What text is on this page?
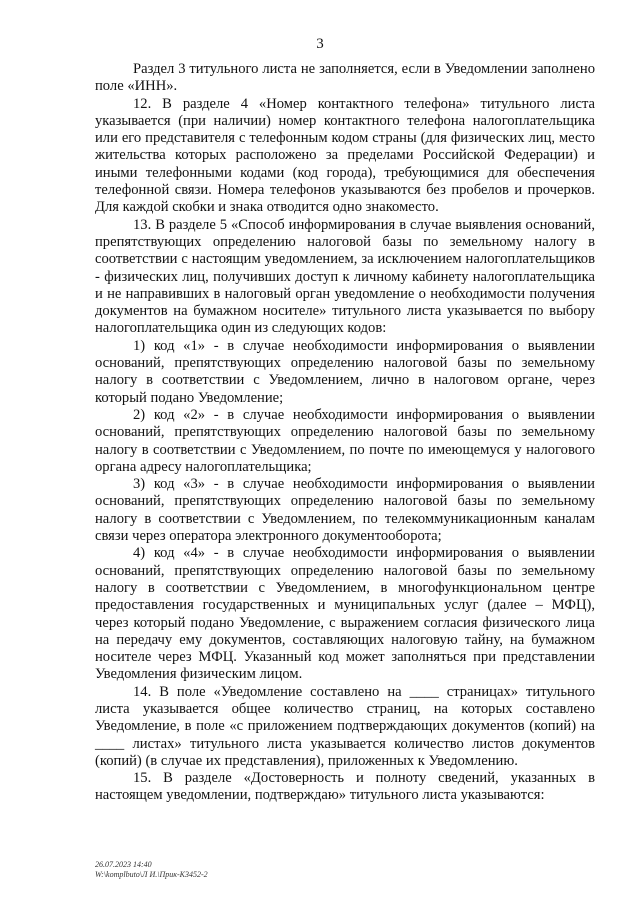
3

Раздел 3 титульного листа не заполняется, если в Уведомлении заполнено поле «ИНН».

12. В разделе 4 «Номер контактного телефона» титульного листа указывается (при наличии) номер контактного телефона налогоплательщика или его представителя с телефонным кодом страны (для физических лиц, место жительства которых расположено за пределами Российской Федерации) и иными телефонными кодами (код города), требующимися для обеспечения телефонной связи. Номера телефонов указываются без пробелов и прочерков. Для каждой скобки и знака отводится одно знакоместо.

13. В разделе 5 «Способ информирования в случае выявления оснований, препятствующих определению налоговой базы по земельному налогу в соответствии с настоящим уведомлением, за исключением налогоплательщиков - физических лиц, получивших доступ к личному кабинету налогоплательщика и не направивших в налоговый орган уведомление о необходимости получения документов на бумажном носителе» титульного листа указывается по выбору налогоплательщика один из следующих кодов:

1) код «1» - в случае необходимости информирования о выявлении оснований, препятствующих определению налоговой базы по земельному налогу в соответствии с Уведомлением, лично в налоговом органе, через который подано Уведомление;

2) код «2» - в случае необходимости информирования о выявлении оснований, препятствующих определению налоговой базы по земельному налогу в соответствии с Уведомлением, по почте по имеющемуся у налогового органа адресу налогоплательщика;

3) код «3» - в случае необходимости информирования о выявлении оснований, препятствующих определению налоговой базы по земельному налогу в соответствии с Уведомлением, по телекоммуникационным каналам связи через оператора электронного документооборота;

4) код «4» - в случае необходимости информирования о выявлении оснований, препятствующих определению налоговой базы по земельному налогу в соответствии с Уведомлением, в многофункциональном центре предоставления государственных и муниципальных услуг (далее – МФЦ), через который подано Уведомление, с выражением согласия физического лица на передачу ему документов, составляющих налоговую тайну, на бумажном носителе через МФЦ. Указанный код может заполняться при представлении Уведомления физическим лицом.

14. В поле «Уведомление составлено на ____ страницах» титульного листа указывается общее количество страниц, на которых составлено Уведомление, в поле «с приложением подтверждающих документов (копий) на ____ листах» титульного листа указывается количество листов документов (копий) (в случае их представления), приложенных к Уведомлению.

15. В разделе «Достоверность и полноту сведений, указанных в настоящем уведомлении, подтверждаю» титульного листа указываются:

26.07.2023 14:40
W:\komplbuto\Л И.\Прик-К3452-2
